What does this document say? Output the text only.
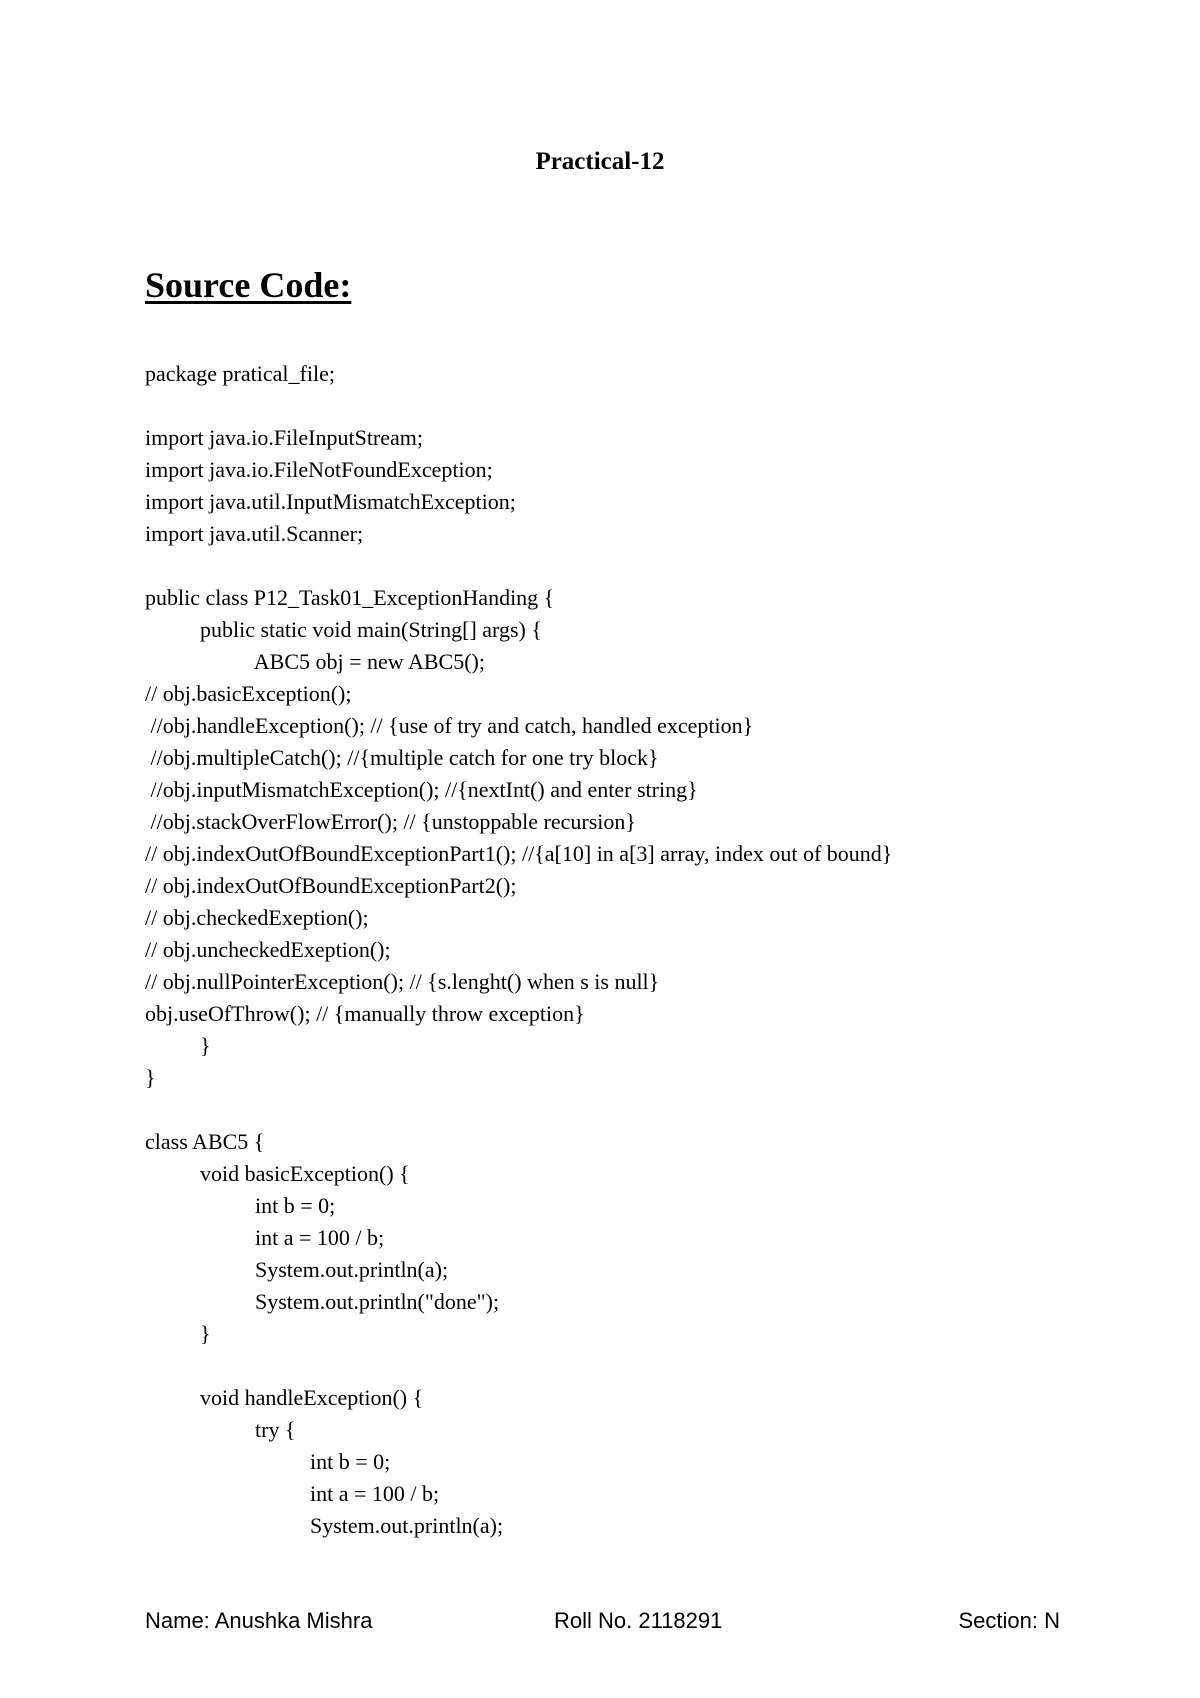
Practical-12
Source Code:
package pratical_file;
import java.io.FileInputStream;
import java.io.FileNotFoundException;
import java.util.InputMismatchException;
import java.util.Scanner;
public class P12_Task01_ExceptionHanding {
public static void main(String[] args) {
ABC5 obj = new ABC5();
// obj.basicException();
//obj.handleException(); // {use of try and catch, handled exception}
//obj.multipleCatch(); //{multiple catch for one try block}
//obj.inputMismatchException(); //{nextInt() and enter string}
//obj.stackOverFlowError(); // {unstoppable recursion}
// obj.indexOutOfBoundExceptionPart1(); //{a[10] in a[3] array, index out of bound}
// obj.indexOutOfBoundExceptionPart2();
// obj.checkedExeption();
// obj.uncheckedExeption();
// obj.nullPointerException(); // {s.lenght() when s is null}
obj.useOfThrow(); // {manually throw exception}
}
}
class ABC5 {
void basicException() {
int b = 0;
int a = 100 / b;
System.out.println(a);
System.out.println("done");
}
void handleException() {
try {
int b = 0;
int a = 100 / b;
System.out.println(a);
Name: Anushka Mishra	Roll No. 2118291	Section: N
